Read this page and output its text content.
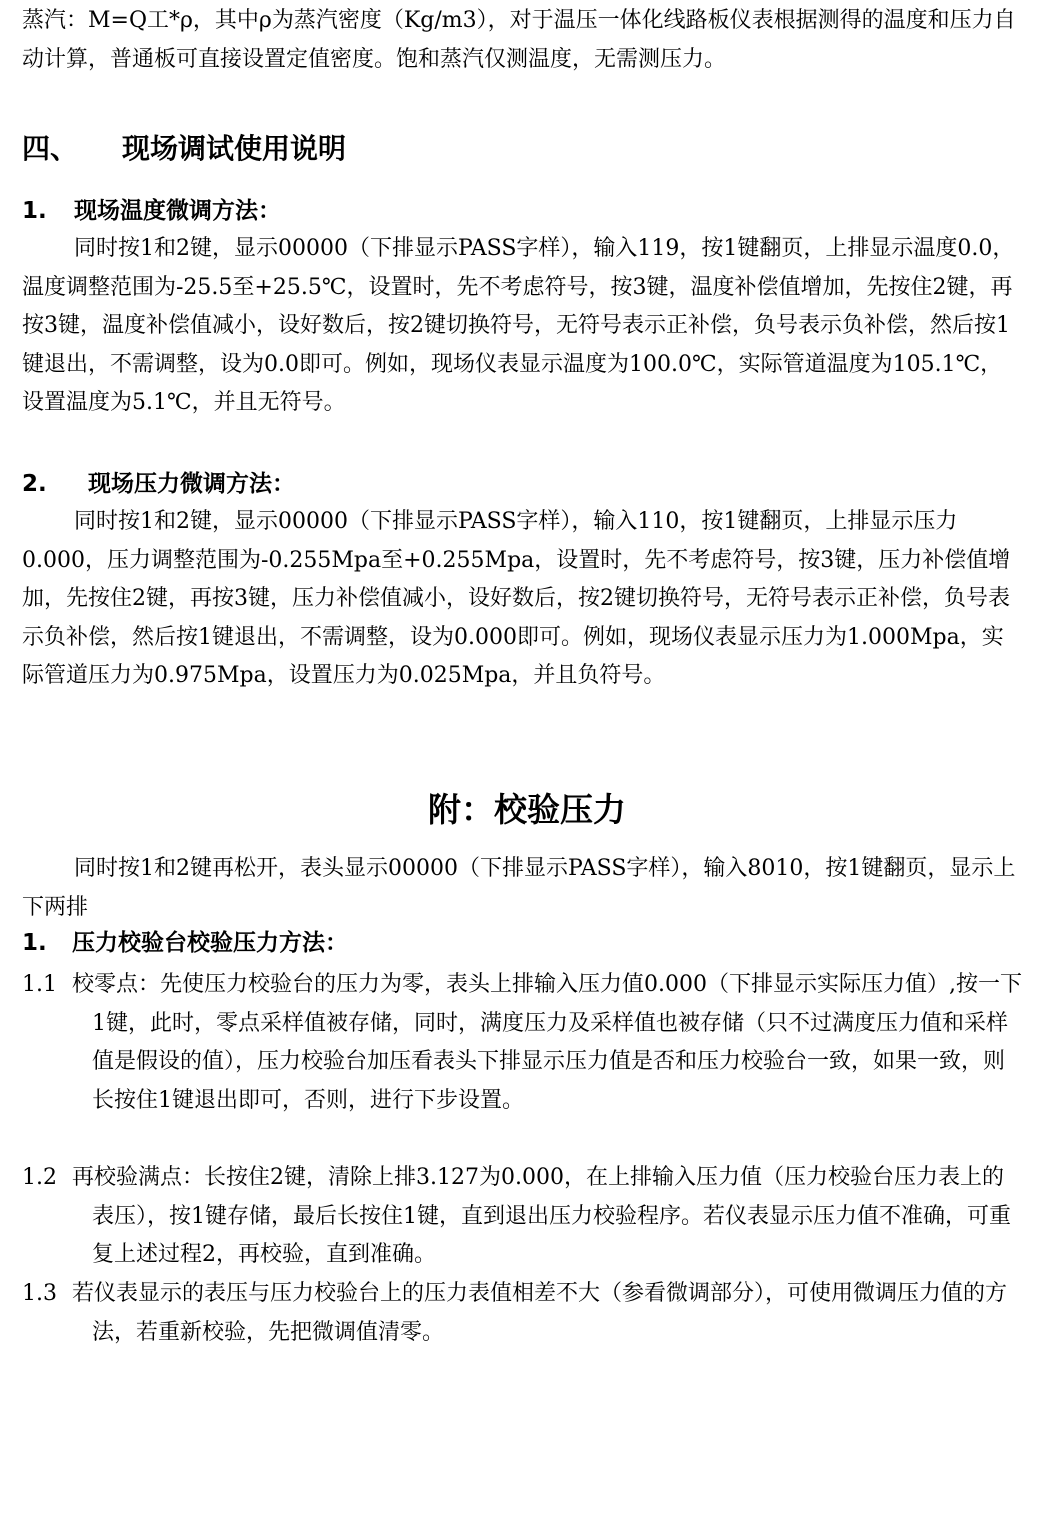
蒸汽：M=Q工*ρ，其中ρ为蒸汽密度（Kg/m3），对于温压一体化线路板仪表根据测得的温度和压力自动计算，普通板可直接设置定值密度。饱和蒸汽仅测温度，无需测压力。

四、 现场调试使用说明
1. 现场温度微调方法：

同时按1和2键，显示00000（下排显示PASS字样），输入119，按1键翻页，上排显示温度0.0，温度调整范围为-25.5至+25.5℃，设置时，先不考虑符号，按3键，温度补偿值增加，先按住2键，再按3键，温度补偿值减小，设好数后，按2键切换符号，无符号表示正补偿，负号表示负补偿，然后按1键退出，不需调整，设为0.0即可。例如，现场仪表显示温度为100.0℃，实际管道温度为105.1℃，设置温度为5.1℃，并且无符号。

2. 现场压力微调方法：

同时按1和2键，显示00000（下排显示PASS字样），输入110，按1键翻页，上排显示压力0.000，压力调整范围为-0.255Mpa至+0.255Mpa，设置时，先不考虑符号，按3键，压力补偿值增加，先按住2键，再按3键，压力补偿值减小，设好数后，按2键切换符号，无符号表示正补偿，负号表示负补偿，然后按1键退出，不需调整，设为0.000即可。例如，现场仪表显示压力为1.000Mpa，实际管道压力为0.975Mpa，设置压力为0.025Mpa，并且负符号。

附：校验压力

同时按1和2键再松开，表头显示00000（下排显示PASS字样），输入8010，按1键翻页，显示上下两排

1. 压力校验台校验压力方法：

1.1 校零点：先使压力校验台的压力为零，表头上排输入压力值0.000（下排显示实际压力值）,按一下1键，此时，零点采样值被存储，同时，满度压力及采样值也被存储（只不过满度压力值和采样值是假设的值），压力校验台加压看表头下排显示压力值是否和压力校验台一致，如果一致，则长按住1键退出即可，否则，进行下步设置。

1.2 再校验满点：长按住2键，清除上排3.127为0.000，在上排输入压力值（压力校验台压力表上的表压），按1键存储，最后长按住1键，直到退出压力校验程序。若仪表显示压力值不准确，可重复上述过程2，再校验，直到准确。

1.3 若仪表显示的表压与压力校验台上的压力表值相差不大（参看微调部分），可使用微调压力值的方法，若重新校验，先把微调值清零。
